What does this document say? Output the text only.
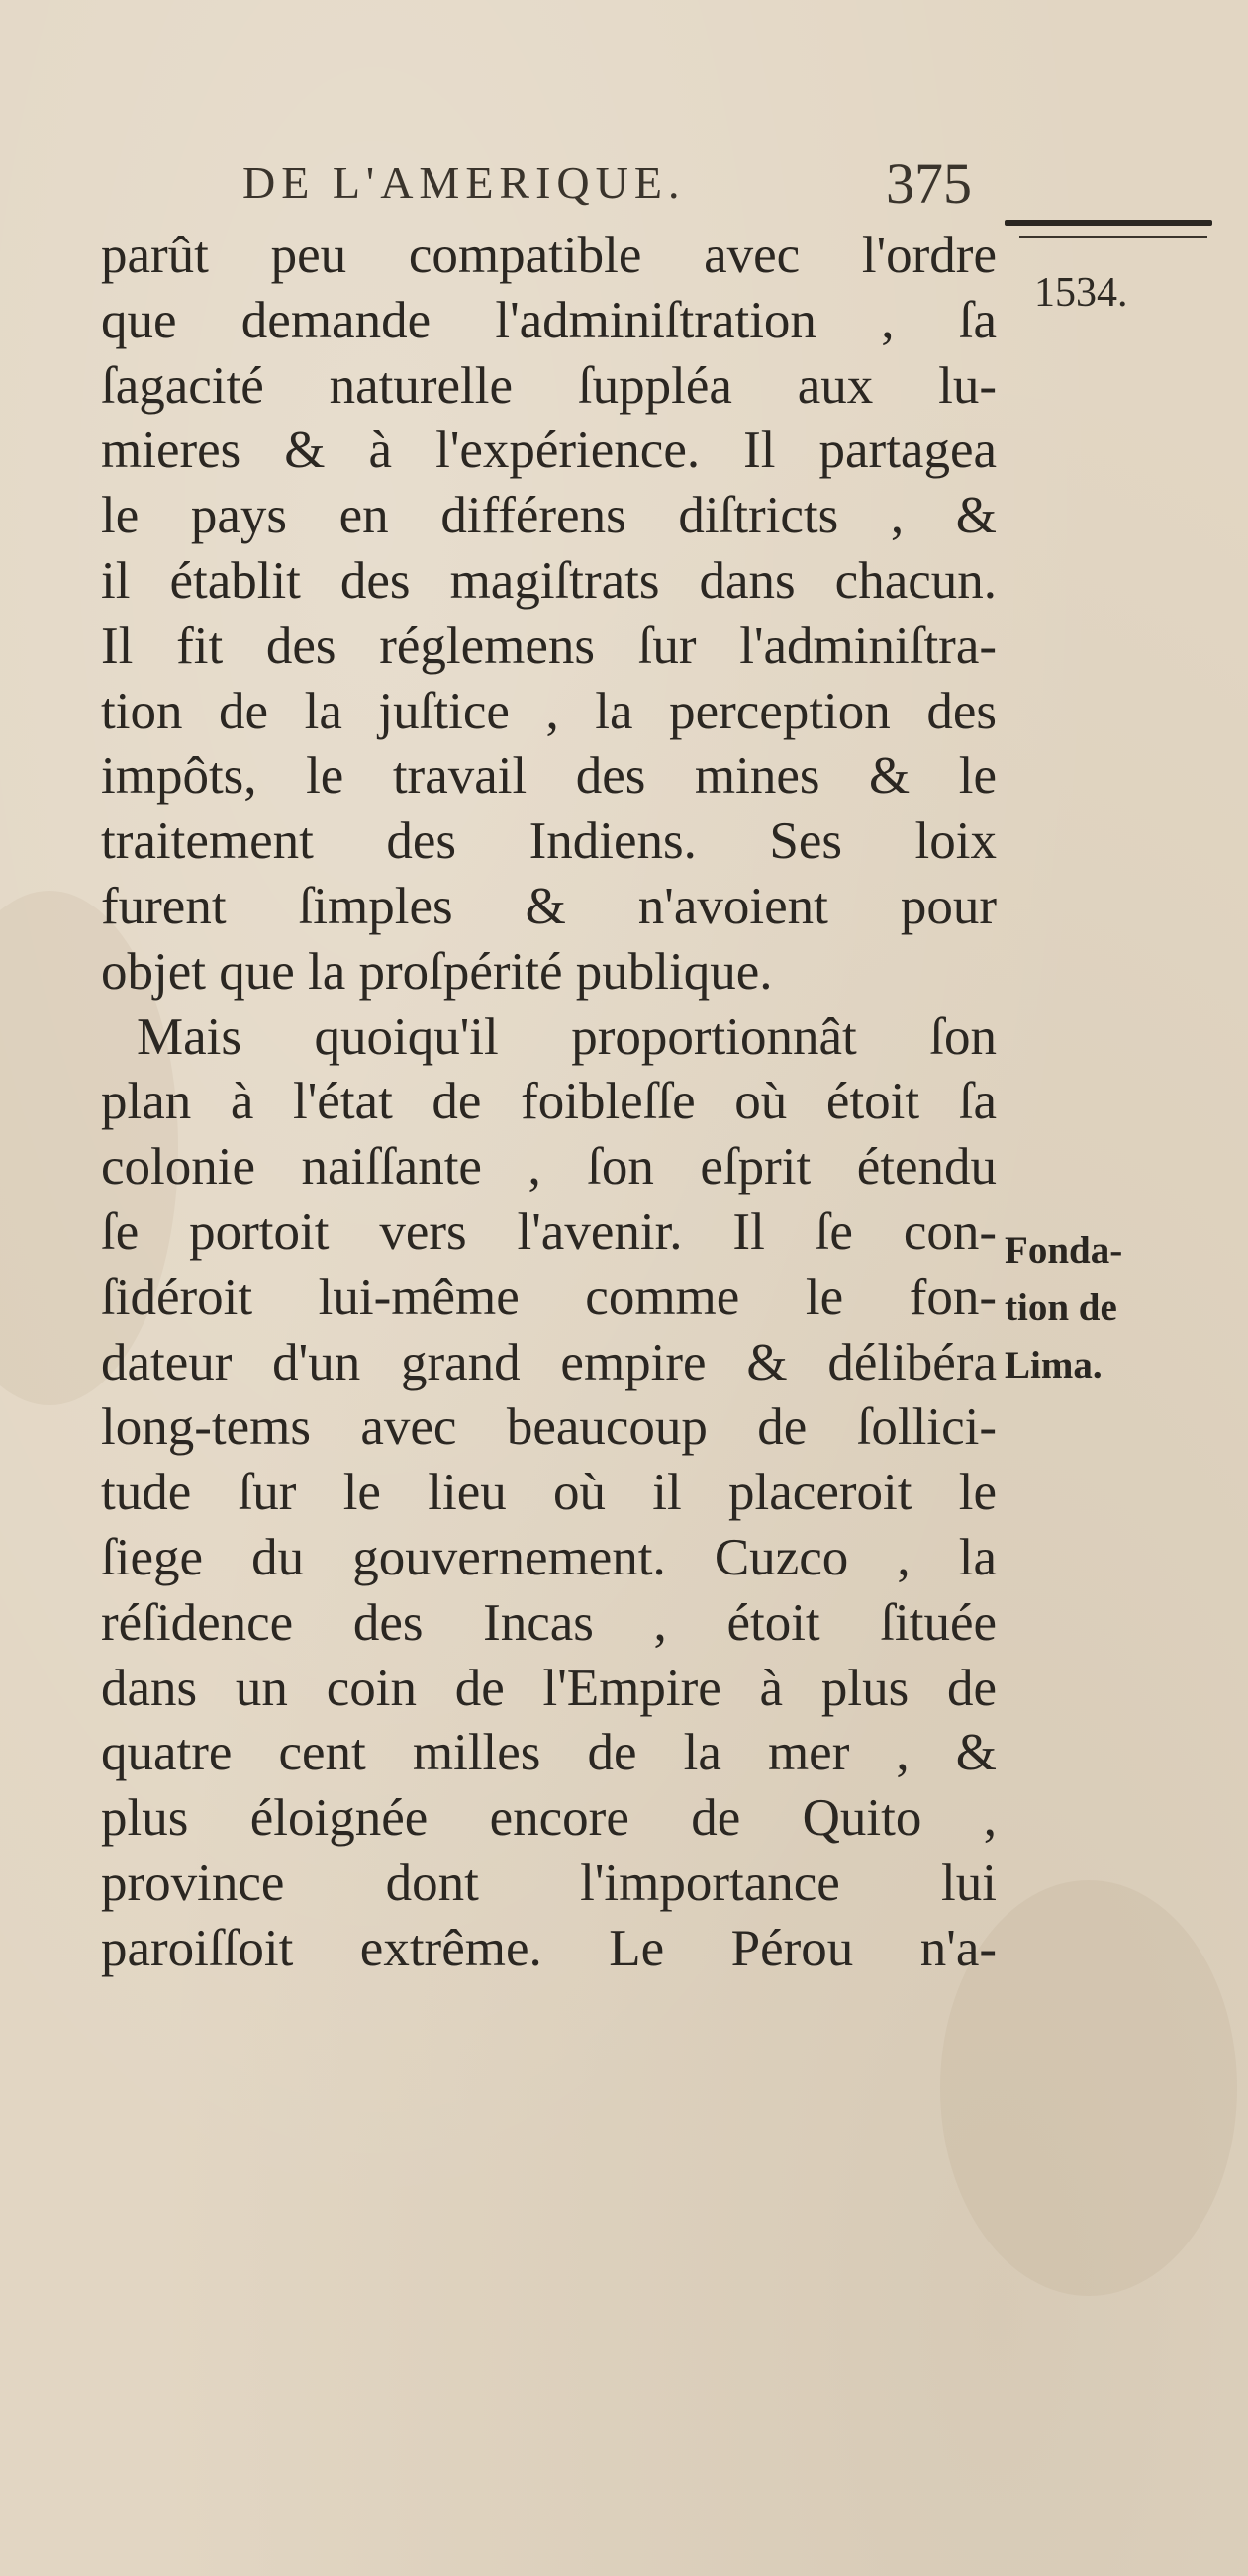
DE L'AMERIQUE.	375
1534.
parût peu compatible avec l'ordre
que demande l'adminiſtration , ſa
ſagacité naturelle ſuppléa aux lu-
mieres & à l'expérience. Il partagea
le pays en différens diſtricts , &
il établit des magiſtrats dans chacun.
Il fit des réglemens ſur l'adminiſtra-
tion de la juſtice , la perception des
impôts, le travail des mines & le
traitement des Indiens. Ses loix
furent ſimples & n'avoient pour
objet que la proſpérité publique.
Mais quoiqu'il proportionnât ſon
plan à l'état de foibleſſe où étoit ſa
colonie naiſſante , ſon eſprit étendu
ſe portoit vers l'avenir. Il ſe con-
ſidéroit lui-même comme le fon-
dateur d'un grand empire & délibéra
long-tems avec beaucoup de ſollici-
tude ſur le lieu où il placeroit le
ſiege du gouvernement. Cuzco , la
réſidence des Incas , étoit ſituée
dans un coin de l'Empire à plus de
quatre cent milles de la mer , &
plus éloignée encore de Quito ,
province dont l'importance lui
paroiſſoit extrême. Le Pérou n'a-
Fonda-
tion de
Lima.
